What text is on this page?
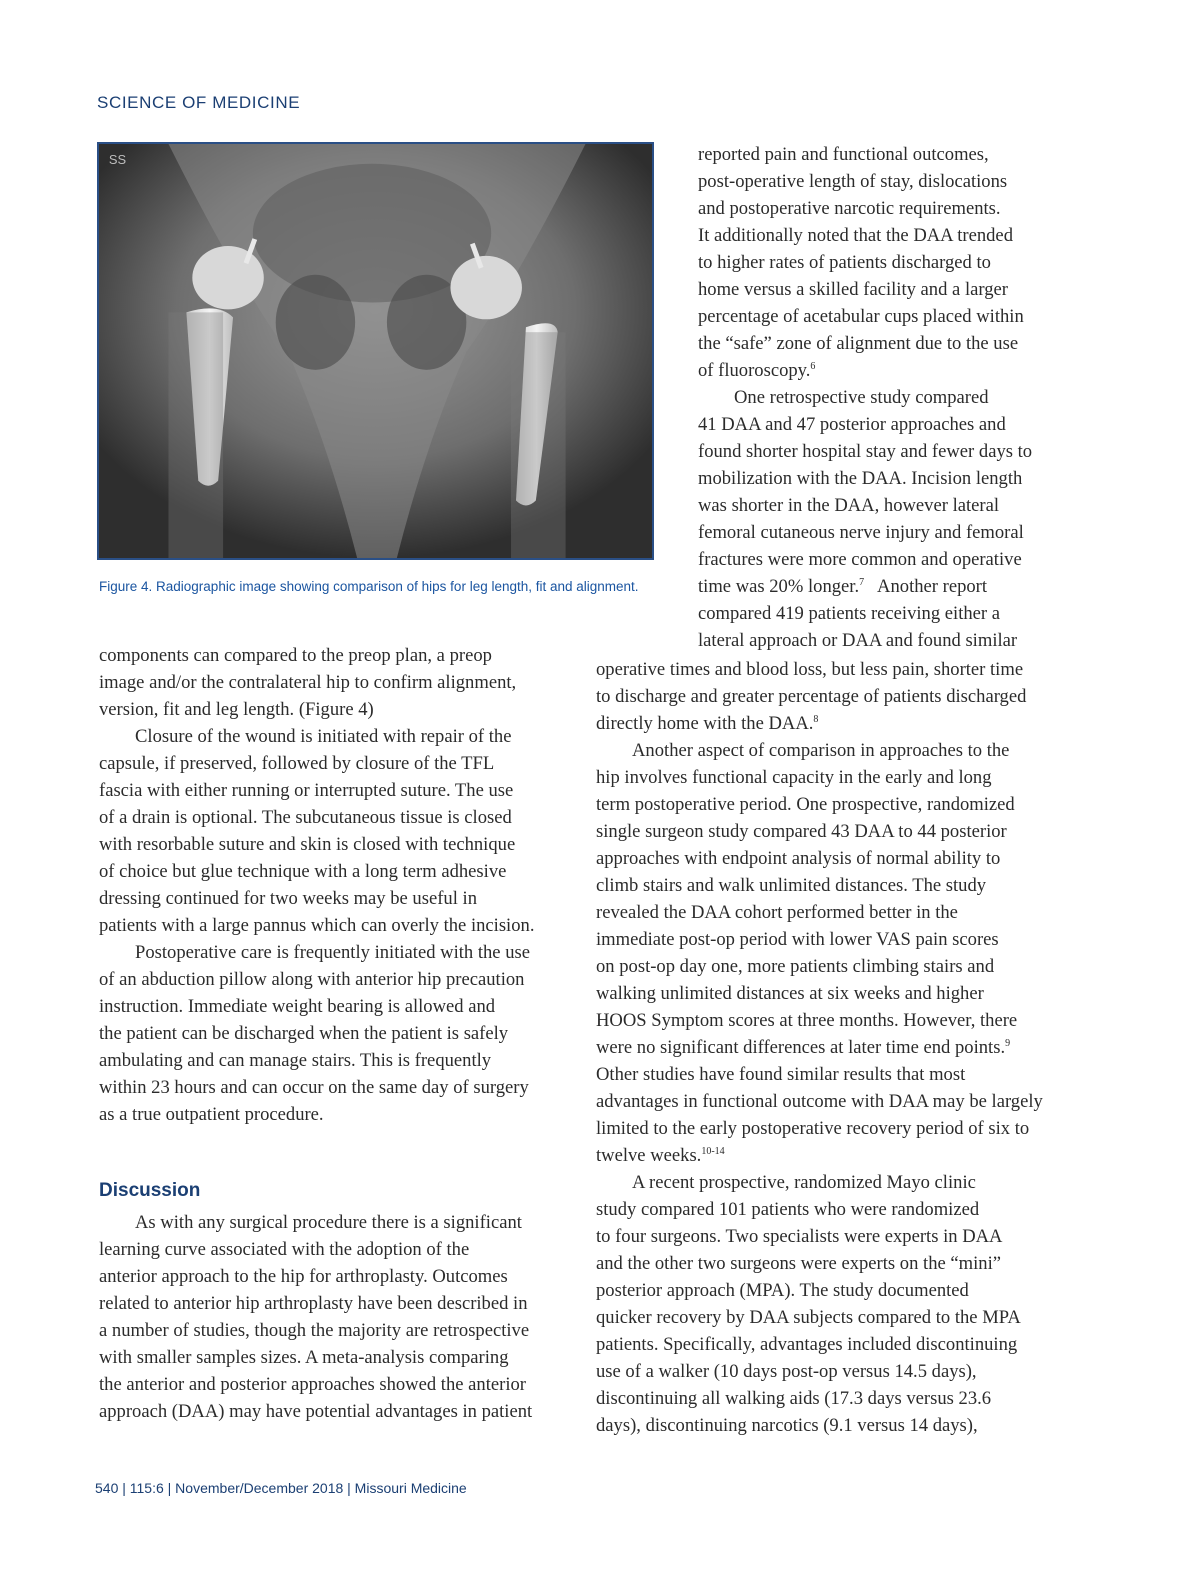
SCIENCE OF MEDICINE
SS
Figure 4. Radiographic image showing comparison of hips for leg length, fit and alignment.
reported pain and functional outcomes,
post-operative length of stay, dislocations
and postoperative narcotic requirements.
It additionally noted that the DAA trended
to higher rates of patients discharged to
home versus a skilled facility and a larger
percentage of acetabular cups placed within
the “safe” zone of alignment due to the use
of fluoroscopy.$^6$
One retrospective study compared
41 DAA and 47 posterior approaches and
found shorter hospital stay and fewer days to
mobilization with the DAA. Incision length
was shorter in the DAA, however lateral
femoral cutaneous nerve injury and femoral
fractures were more common and operative
time was 20% longer.$^7$   Another report
compared 419 patients receiving either a
lateral approach or DAA and found similar
operative times and blood loss, but less pain, shorter time
to discharge and greater percentage of patients discharged
directly home with the DAA.$^8$
Another aspect of comparison in approaches to the
hip involves functional capacity in the early and long
term postoperative period. One prospective, randomized
single surgeon study compared 43 DAA to 44 posterior
approaches with endpoint analysis of normal ability to
climb stairs and walk unlimited distances. The study
revealed the DAA cohort performed better in the
immediate post-op period with lower VAS pain scores
on post-op day one, more patients climbing stairs and
walking unlimited distances at six weeks and higher
HOOS Symptom scores at three months. However, there
were no significant differences at later time end points.$^9$
Other studies have found similar results that most
advantages in functional outcome with DAA may be largely
limited to the early postoperative recovery period of six to
twelve weeks.$^{10-14}$
A recent prospective, randomized Mayo clinic
study compared 101 patients who were randomized
to four surgeons. Two specialists were experts in DAA
and the other two surgeons were experts on the “mini”
posterior approach (MPA). The study documented
quicker recovery by DAA subjects compared to the MPA
patients. Specifically, advantages included discontinuing
use of a walker (10 days post-op versus 14.5 days),
discontinuing all walking aids (17.3 days versus 23.6
days), discontinuing narcotics (9.1 versus 14 days),
components can compared to the preop plan, a preop
image and/or the contralateral hip to confirm alignment,
version, fit and leg length. (Figure 4)
Closure of the wound is initiated with repair of the
capsule, if preserved, followed by closure of the TFL
fascia with either running or interrupted suture. The use
of a drain is optional. The subcutaneous tissue is closed
with resorbable suture and skin is closed with technique
of choice but glue technique with a long term adhesive
dressing continued for two weeks may be useful in
patients with a large pannus which can overly the incision.
Postoperative care is frequently initiated with the use
of an abduction pillow along with anterior hip precaution
instruction. Immediate weight bearing is allowed and
the patient can be discharged when the patient is safely
ambulating and can manage stairs. This is frequently
within 23 hours and can occur on the same day of surgery
as a true outpatient procedure.
Discussion
As with any surgical procedure there is a significant
learning curve associated with the adoption of the
anterior approach to the hip for arthroplasty. Outcomes
related to anterior hip arthroplasty have been described in
a number of studies, though the majority are retrospective
with smaller samples sizes. A meta-analysis comparing
the anterior and posterior approaches showed the anterior
approach (DAA) may have potential advantages in patient
540 | 115:6 | November/December 2018 | Missouri Medicine
